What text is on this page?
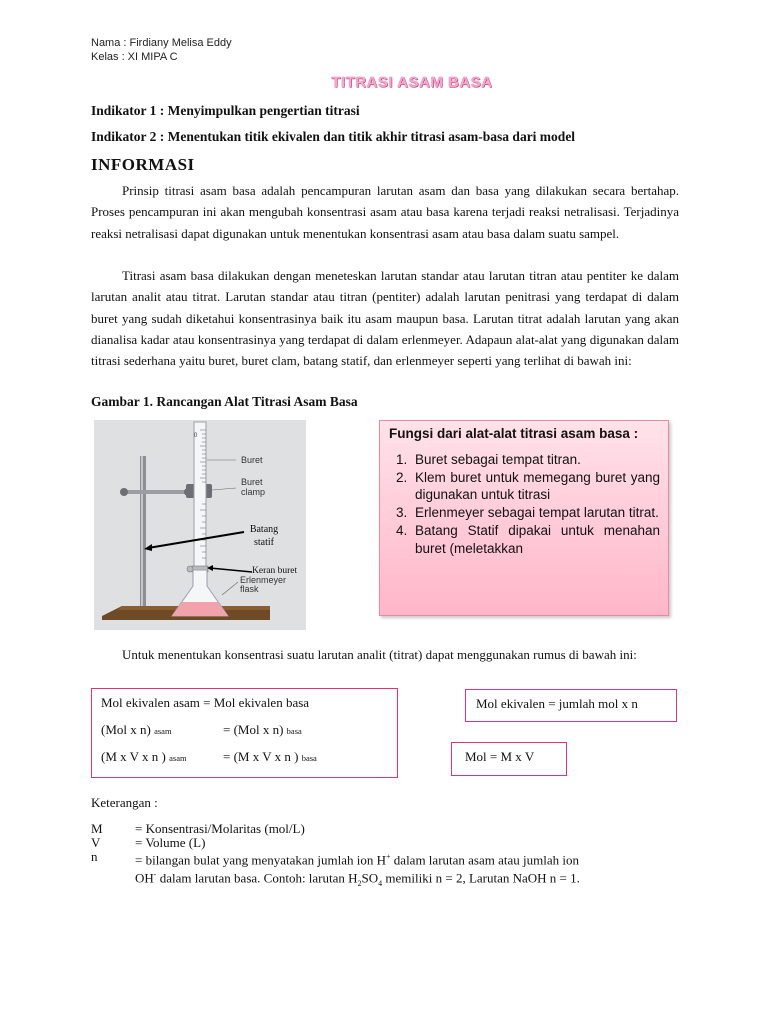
Nama : Firdiany Melisa Eddy
Kelas : XI MIPA C
TITRASI ASAM BASA
Indikator 1 : Menyimpulkan pengertian titrasi
Indikator 2 : Menentukan titik ekivalen dan titik akhir titrasi asam-basa dari model
INFORMASI

Prinsip titrasi asam basa adalah pencampuran larutan asam dan basa yang dilakukan secara bertahap. Proses pencampuran ini akan mengubah konsentrasi asam atau basa karena terjadi reaksi netralisasi. Terjadinya reaksi netralisasi dapat digunakan untuk menentukan konsentrasi asam atau basa dalam suatu sampel.

Titrasi asam basa dilakukan dengan meneteskan larutan standar atau larutan titran atau pentiter ke dalam larutan analit atau titrat. Larutan standar atau titran (pentiter) adalah larutan penitrasi yang terdapat di dalam buret yang sudah diketahui konsentrasinya baik itu asam maupun basa. Larutan titrat adalah larutan yang akan dianalisa kadar atau konsentrasinya yang terdapat di dalam erlenmeyer. Adapaun alat-alat yang digunakan dalam titrasi sederhana yaitu buret, buret clam, batang statif, dan erlenmeyer seperti yang terlihat di bawah ini:

Gambar 1. Rancangan Alat Titrasi Asam Basa
0
Buret
Buret
clamp
Batang
statif
Keran buret
Erlenmeyer
flask
Fungsi dari alat-alat titrasi asam basa :
1. Buret sebagai tempat titran.
2. Klem buret untuk memegang buret yang digunakan untuk titrasi
3. Erlenmeyer sebagai tempat larutan titrat.
4. Batang Statif dipakai untuk menahan buret (meletakkan

Untuk menentukan konsentrasi suatu larutan analit (titrat) dapat menggunakan rumus di bawah ini:

Mol ekivalen asam = Mol ekivalen basa
(Mol x n) asam	= (Mol x n) basa
(M x V x n ) asam	= (M x V x n ) basa
Mol ekivalen = jumlah mol x n
Mol = M x V
Keterangan :
M = Konsentrasi/Molaritas (mol/L)
V	= Volume (L)
n	= bilangan bulat yang menyatakan jumlah ion H+ dalam larutan asam atau jumlah ion
OH- dalam larutan basa. Contoh: larutan $H_2SO_4$ memiliki n = 2, Larutan NaOH n = 1.
